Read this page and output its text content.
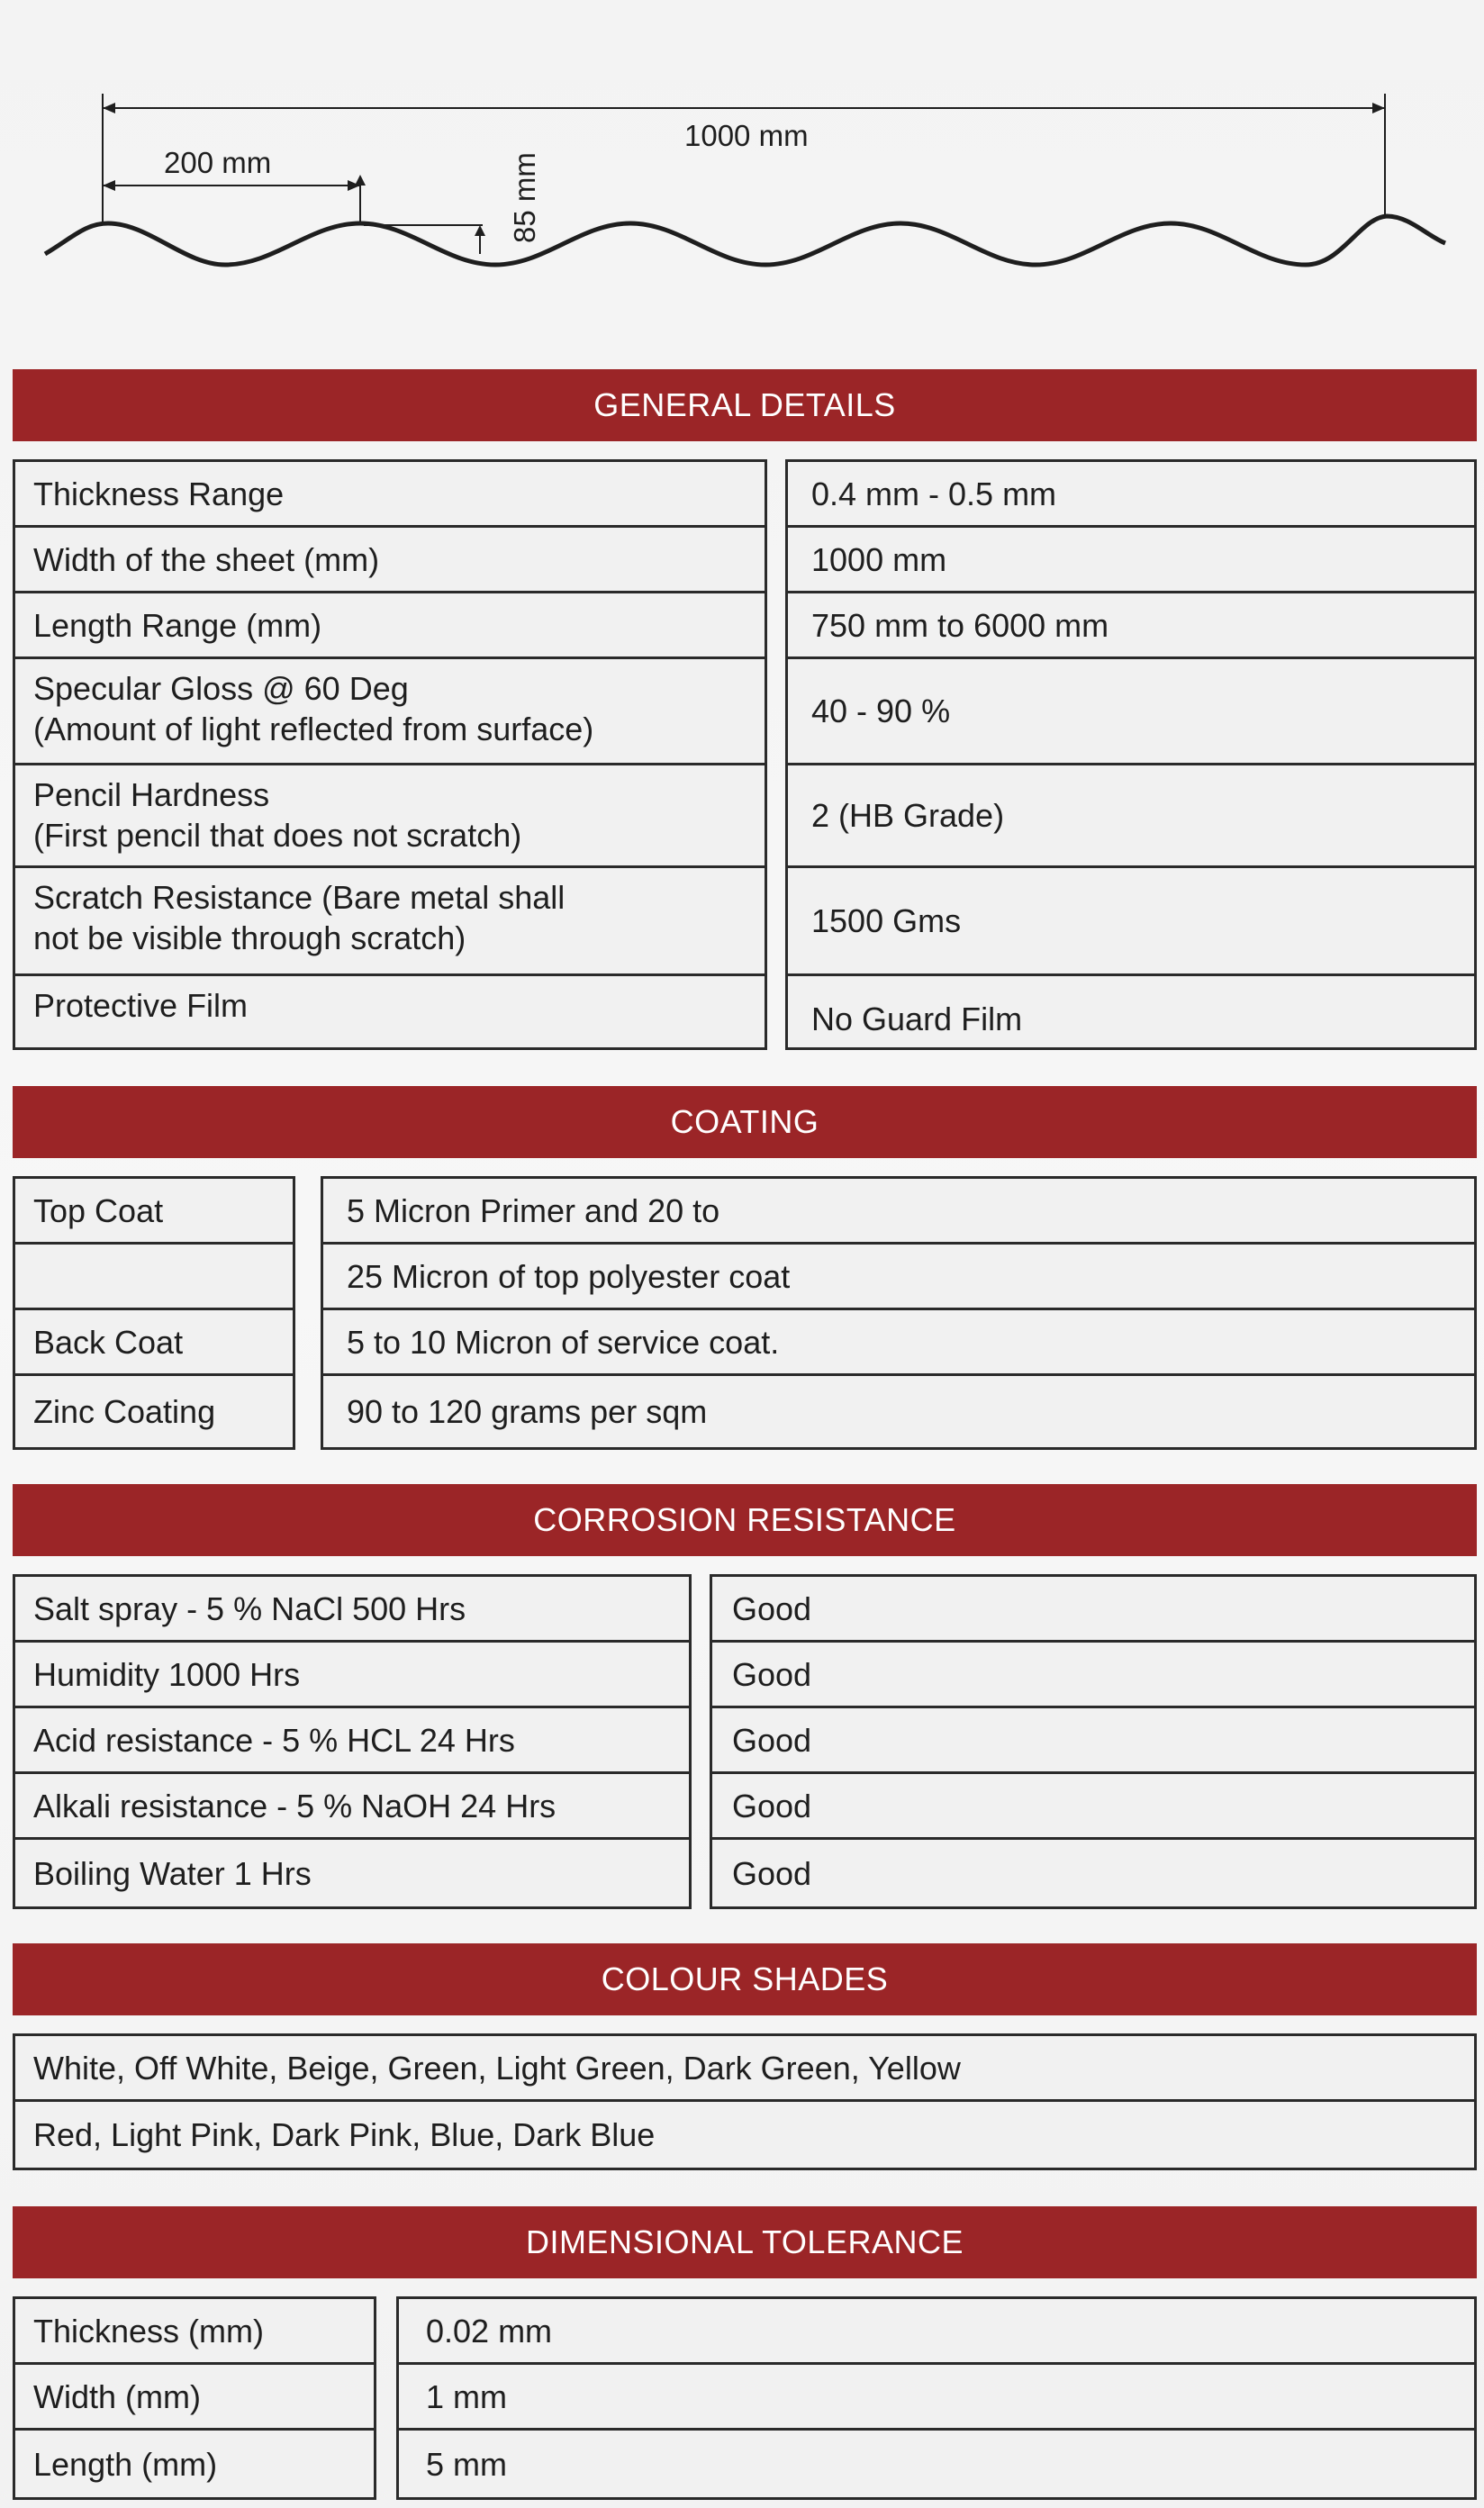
1000 mm
200 mm	85 mm
GENERAL DETAILS
Thickness Range
Width of the sheet (mm)
Length Range (mm)
Specular Gloss @ 60 Deg
(Amount of light reflected from surface)
Pencil Hardness
(First pencil that does not scratch)
Scratch Resistance (Bare metal shall
not be visible through scratch)
Protective Film
0.4 mm - 0.5 mm
1000 mm
750 mm to 6000 mm
40 - 90 %
2 (HB Grade)
1500 Gms
No Guard Film
COATING
Top Coat
Back Coat
Zinc Coating
5 Micron Primer and 20 to
25 Micron of top polyester coat
5 to 10 Micron of service coat.
90 to 120 grams per sqm
CORROSION RESISTANCE
Salt spray - 5 % NaCl 500 Hrs
Humidity 1000 Hrs
Acid resistance - 5 % HCL 24 Hrs
Alkali resistance - 5 % NaOH 24 Hrs
Boiling Water 1 Hrs
Good
Good
Good
Good
Good
COLOUR SHADES
White, Off White, Beige, Green, Light Green, Dark Green, Yellow
Red, Light Pink, Dark Pink, Blue, Dark Blue
DIMENSIONAL TOLERANCE
Thickness (mm)
Width (mm)
Length (mm)
0.02 mm
1 mm
5 mm
